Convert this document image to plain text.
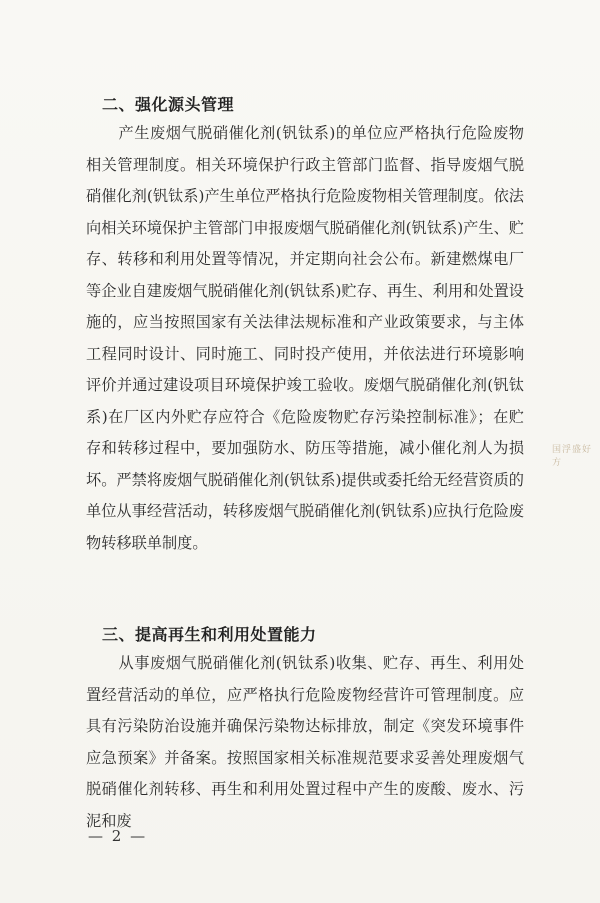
二、强化源头管理
产生废烟气脱硝催化剂(钒钛系)的单位应严格执行危险废物相关管理制度。相关环境保护行政主管部门监督、指导废烟气脱硝催化剂(钒钛系)产生单位严格执行危险废物相关管理制度。依法向相关环境保护主管部门申报废烟气脱硝催化剂(钒钛系)产生、贮存、转移和利用处置等情况，并定期向社会公布。新建燃煤电厂等企业自建废烟气脱硝催化剂(钒钛系)贮存、再生、利用和处置设施的，应当按照国家有关法律法规标准和产业政策要求，与主体工程同时设计、同时施工、同时投产使用，并依法进行环境影响评价并通过建设项目环境保护竣工验收。废烟气脱硝催化剂(钒钛系)在厂区内外贮存应符合《危险废物贮存污染控制标准》；在贮存和转移过程中，要加强防水、防压等措施，减小催化剂人为损坏。严禁将废烟气脱硝催化剂(钒钛系)提供或委托给无经营资质的单位从事经营活动，转移废烟气脱硝催化剂(钒钛系)应执行危险废物转移联单制度。
三、提高再生和利用处置能力
从事废烟气脱硝催化剂(钒钛系)收集、贮存、再生、利用处置经营活动的单位，应严格执行危险废物经营许可管理制度。应具有污染防治设施并确保污染物达标排放，制定《突发环境事件应急预案》并备案。按照国家相关标准规范要求妥善处理废烟气脱硝催化剂转移、再生和利用处置过程中产生的废酸、废水、污泥和废
国浮盛好方
— 2 —
